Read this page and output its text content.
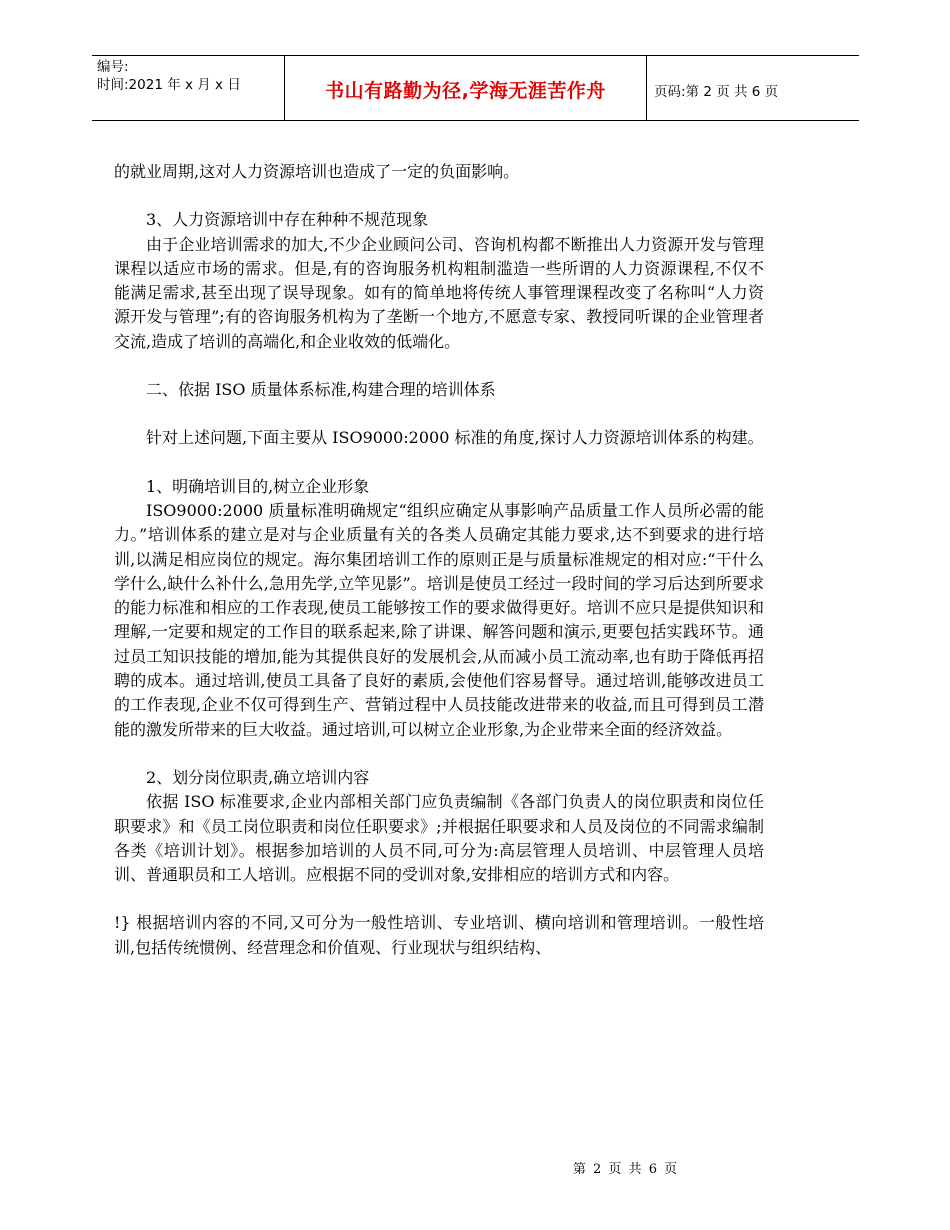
编号:
时间:2021 年 x 月 x 日	书山有路勤为径,学海无涯苦作舟	页码:第 2 页 共 6 页

的就业周期,这对人力资源培训也造成了一定的负面影响。

3、人力资源培训中存在种种不规范现象

由于企业培训需求的加大,不少企业顾问公司、咨询机构都不断推出人力资源开发与管理课程以适应市场的需求。但是,有的咨询服务机构粗制滥造一些所谓的人力资源课程,不仅不能满足需求,甚至出现了误导现象。如有的简单地将传统人事管理课程改变了名称叫“人力资源开发与管理”;有的咨询服务机构为了垄断一个地方,不愿意专家、教授同听课的企业管理者交流,造成了培训的高端化,和企业收效的低端化。

二、依据 ISO 质量体系标准,构建合理的培训体系

针对上述问题,下面主要从 ISO9000:2000 标准的角度,探讨人力资源培训体系的构建。

1、明确培训目的,树立企业形象

ISO9000:2000 质量标准明确规定“组织应确定从事影响产品质量工作人员所必需的能力。”培训体系的建立是对与企业质量有关的各类人员确定其能力要求,达不到要求的进行培训,以满足相应岗位的规定。海尔集团培训工作的原则正是与质量标准规定的相对应:“干什么学什么,缺什么补什么,急用先学,立竿见影”。培训是使员工经过一段时间的学习后达到所要求的能力标准和相应的工作表现,使员工能够按工作的要求做得更好。培训不应只是提供知识和理解,一定要和规定的工作目的联系起来,除了讲课、解答问题和演示,更要包括实践环节。通过员工知识技能的增加,能为其提供良好的发展机会,从而减小员工流动率,也有助于降低再招聘的成本。通过培训,使员工具备了良好的素质,会使他们容易督导。通过培训,能够改进员工的工作表现,企业不仅可得到生产、营销过程中人员技能改进带来的收益,而且可得到员工潜能的激发所带来的巨大收益。通过培训,可以树立企业形象,为企业带来全面的经济效益。

2、划分岗位职责,确立培训内容

依据 ISO 标准要求,企业内部相关部门应负责编制《各部门负责人的岗位职责和岗位任职要求》和《员工岗位职责和岗位任职要求》;并根据任职要求和人员及岗位的不同需求编制各类《培训计划》。根据参加培训的人员不同,可分为:高层管理人员培训、中层管理人员培训、普通职员和工人培训。应根据不同的受训对象,安排相应的培训方式和内容。

!} 根据培训内容的不同,又可分为一般性培训、专业培训、横向培训和管理培训。一般性培训,包括传统惯例、经营理念和价值观、行业现状与组织结构、

第 2 页 共 6 页
